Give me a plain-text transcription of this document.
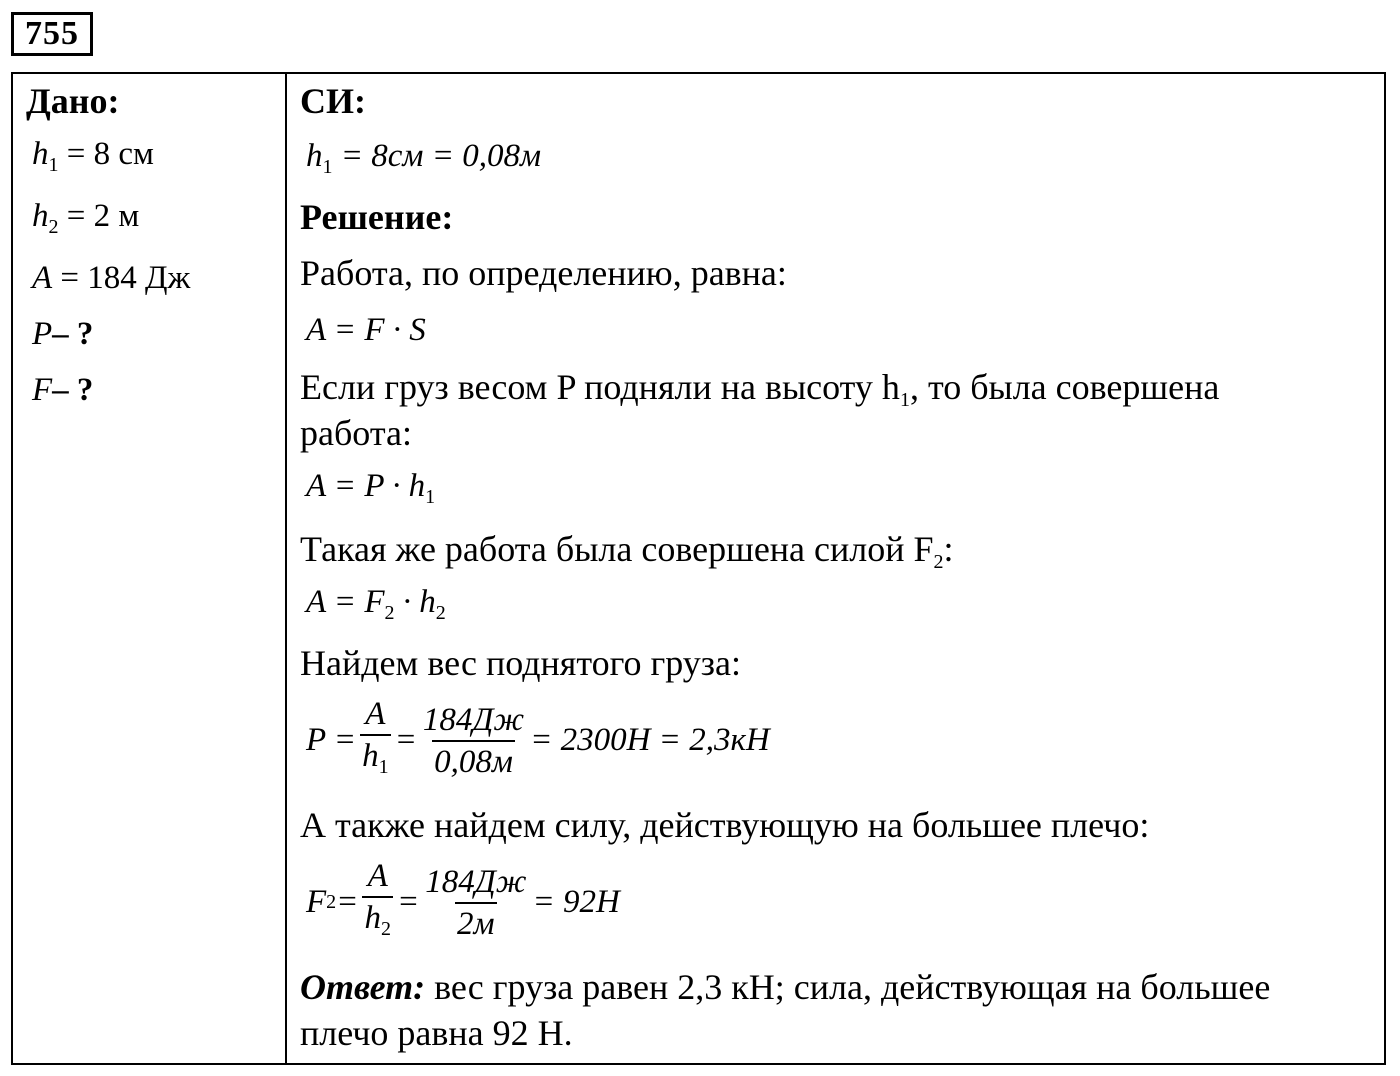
755
Дано:
$h_1 = 8$ см
$h_2 = 2$ м
A = 184 Дж
P– ?
F– ?
СИ:
$h_1 = 8см = 0,08м$
Решение:
Работа, по определению, равна:
A = F · S
Если груз весом P подняли на высоту $h_1$, то была совершена
работа:
$A = P \cdot h_1$
Такая же работа была совершена силой $F_2$:
$A = F_2 \cdot h_2$
Найдем вес поднятого груза:
$P = \frac{A}{h_1} = \frac{184Дж}{0,08м} = 2300H = 2,3кH$
А также найдем силу, действующую на большее плечо:
F $2 = \frac{A}{h_2} = \frac{184Дж}{2м} = 92H$
Ответ: вес груза равен 2,3 кН; сила, действующая на большее
плечо равна 92 Н.
